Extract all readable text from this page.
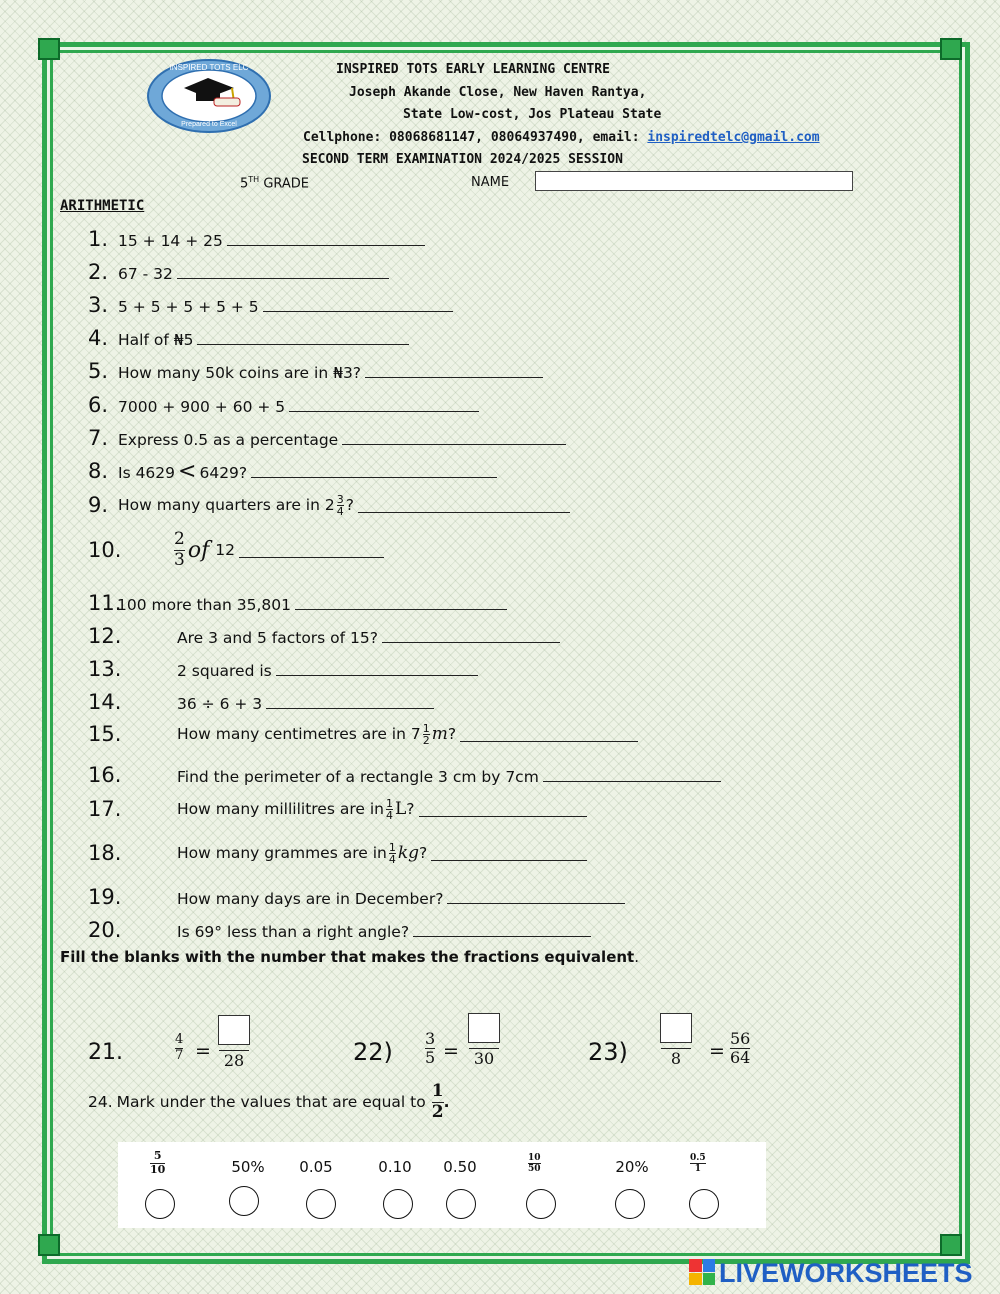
INSPIRED TOTS ELC
Prepared to Excel
INSPIRED TOTS EARLY LEARNING CENTRE
Joseph Akande Close, New Haven Rantya,
State Low-cost, Jos Plateau State
Cellphone: 08068681147, 08064937490, email: inspiredtelc@gmail.com
SECOND TERM EXAMINATION 2024/2025 SESSION
5TH GRADE	NAME
ARITHMETIC
1. 15 + 14 + 25
2. 67 - 32
3. 5 + 5 + 5 + 5 + 5
4. Half of ₦5
5. How many 50k coins are in ₦3?
6. 7000 + 900 + 60 + 5
7. Express 0.5 as a percentage
8. Is 4629 < 6429?
9. How many quarters are in $2 \frac{3}{4}$ ?
10.	2
3 of 12
11.
100 more than 35,801
12.	Are 3 and 5 factors of 15?
13.	2 squared is
14.	36 ÷ 6 + 3
15.	How many centimetres are in $7 \frac{1}{2}$ m ?
16.	Find the perimeter of a rectangle 3 cm by 7cm
17.	How many millilitres are in $\frac{1}{4}$ L ?
18.	How many grammes are in $\frac{1}{4}$ kg ?
19.	How many days are in December?
20.	Is 69° less than a right angle?
Fill the blanks with the number that makes the fractions equivalent.
21.
4
7 = 28	22) 3
5 = 30	23)	8 =
56
64
24. Mark under the values that are equal to
1
2 .
5
10	50% 0.05	0.10 0.50	10
50	20%	0.5
1
LIVEWORKSHEETS
